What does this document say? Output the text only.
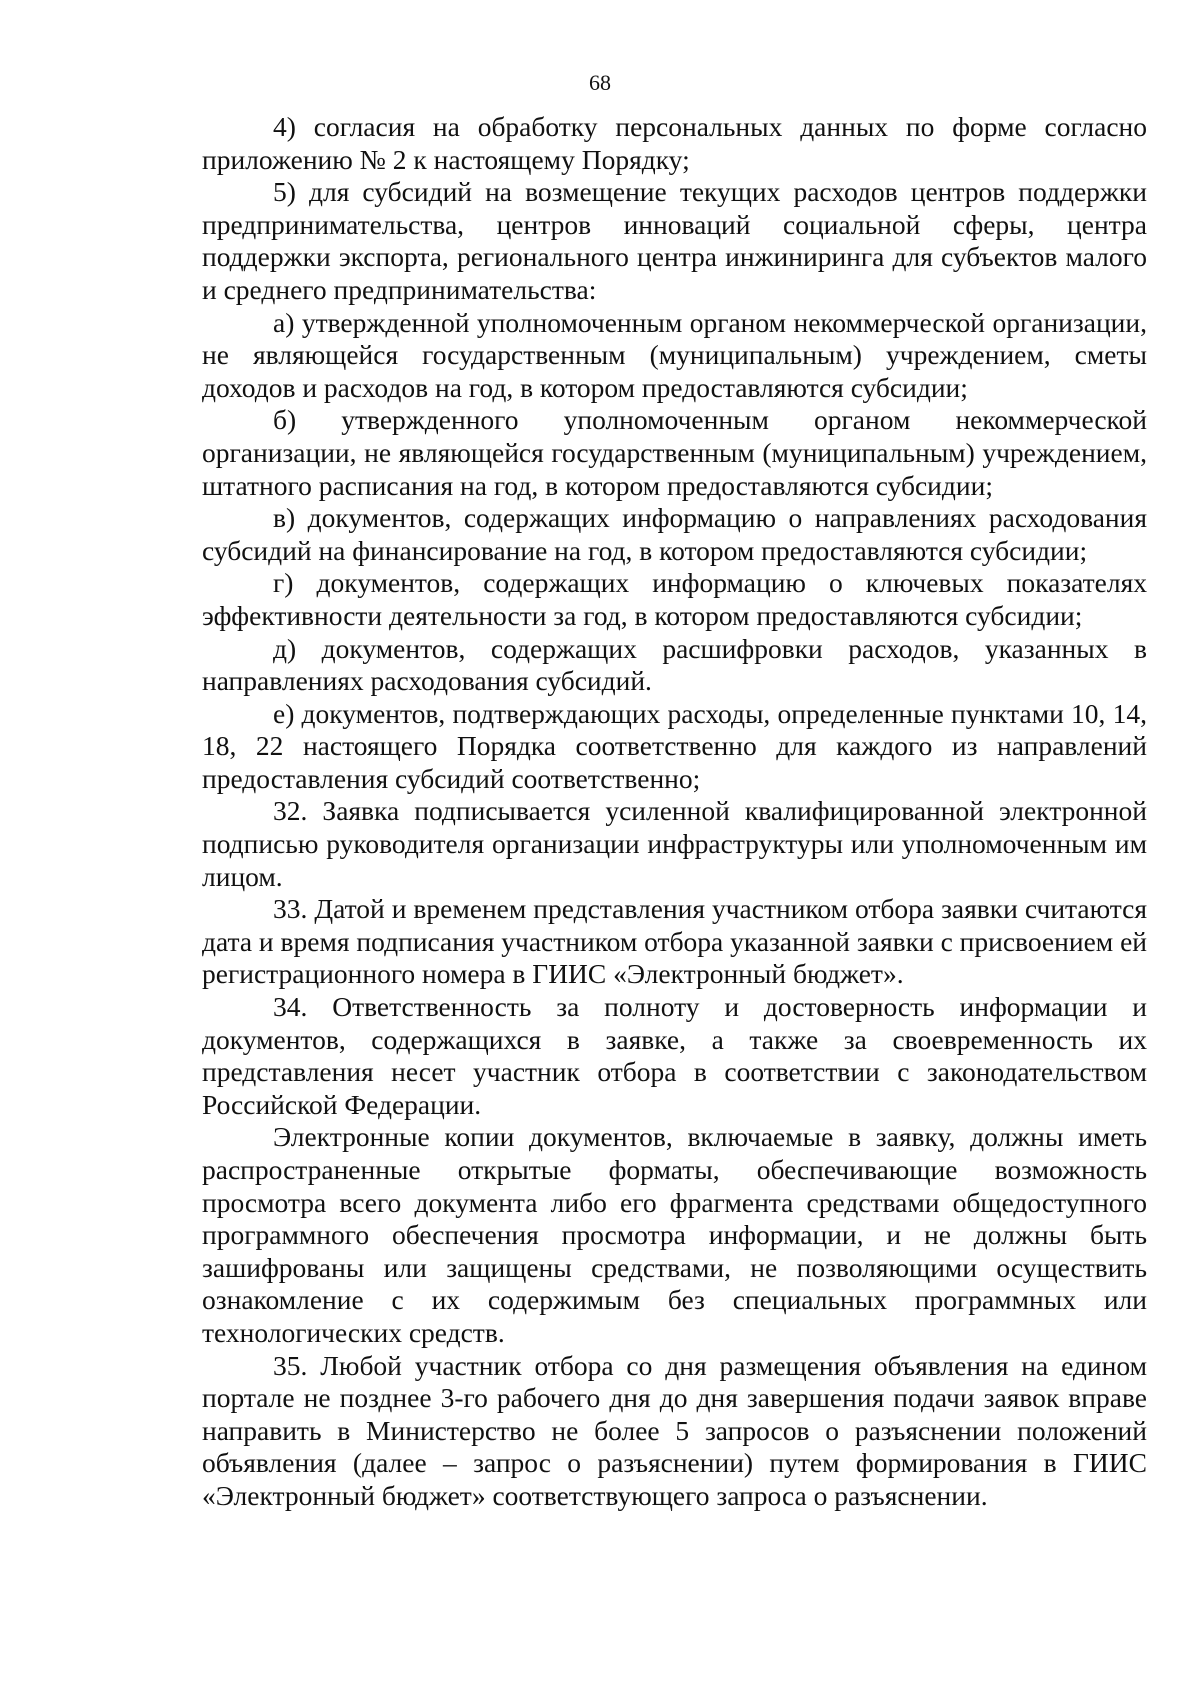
68

4) согласия на обработку персональных данных по форме согласно приложению № 2 к настоящему Порядку;

5) для субсидий на возмещение текущих расходов центров поддержки предпринимательства, центров инноваций социальной сферы, центра поддержки экспорта, регионального центра инжиниринга для субъектов малого и среднего предпринимательства:

а) утвержденной уполномоченным органом некоммерческой организации, не являющейся государственным (муниципальным) учреждением, сметы доходов и расходов на год, в котором предоставляются субсидии;

б) утвержденного уполномоченным органом некоммерческой организации, не являющейся государственным (муниципальным) учреждением, штатного расписания на год, в котором предоставляются субсидии;

в) документов, содержащих информацию о направлениях расходования субсидий на финансирование на год, в котором предоставляются субсидии;

г) документов, содержащих информацию о ключевых показателях эффективности деятельности за год, в котором предоставляются субсидии;

д) документов, содержащих расшифровки расходов, указанных в направлениях расходования субсидий.

е) документов, подтверждающих расходы, определенные пунктами 10, 14, 18, 22 настоящего Порядка соответственно для каждого из направлений предоставления субсидий соответственно;

32. Заявка подписывается усиленной квалифицированной электронной подписью руководителя организации инфраструктуры или уполномоченным им лицом.

33. Датой и временем представления участником отбора заявки считаются дата и время подписания участником отбора указанной заявки с присвоением ей регистрационного номера в ГИИС «Электронный бюджет».

34. Ответственность за полноту и достоверность информации и документов, содержащихся в заявке, а также за своевременность их представления несет участник отбора в соответствии с законодательством Российской Федерации.

Электронные копии документов, включаемые в заявку, должны иметь распространенные открытые форматы, обеспечивающие возможность просмотра всего документа либо его фрагмента средствами общедоступного программного обеспечения просмотра информации, и не должны быть зашифрованы или защищены средствами, не позволяющими осуществить ознакомление с их содержимым без специальных программных или технологических средств.

35. Любой участник отбора со дня размещения объявления на едином портале не позднее 3-го рабочего дня до дня завершения подачи заявок вправе направить в Министерство не более 5 запросов о разъяснении положений объявления (далее – запрос о разъяснении) путем формирования в ГИИС «Электронный бюджет» соответствующего запроса о разъяснении.
